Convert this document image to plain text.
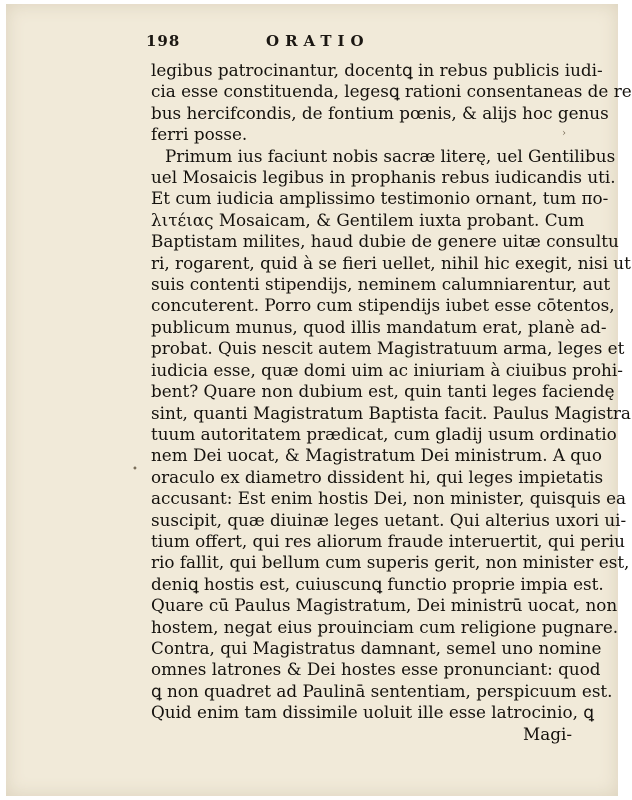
198	ORATIO
›
•
legibus patrocinantur, docentꝗ in rebus publicis iudi-
cia esse constituenda, legesꝗ rationi consentaneas de re
bus hercifcondis, de fontium pœnis, & alijs hoc genus
ferri posse.
Primum ius faciunt nobis sacræ literę, uel Gentilibus
uel Mosaicis legibus in prophanis rebus iudicandis uti.
Et cum iudicia amplissimo testimonio ornant, tum πο-
λιτέιας Mosaicam, & Gentilem iuxta probant. Cum
Baptistam milites, haud dubie de genere uitæ consultu
ri, rogarent, quid à se fieri uellet, nihil hic exegit, nisi ut
suis contenti stipendijs, neminem calumniarentur, aut
concuterent. Porro cum stipendijs iubet esse cōtentos,
publicum munus, quod illis mandatum erat, planè ad-
probat. Quis nescit autem Magistratuum arma, leges et
iudicia esse, quæ domi uim ac iniuriam à ciuibus prohi-
bent? Quare non dubium est, quin tanti leges faciendę
sint, quanti Magistratum Baptista facit. Paulus Magistra
tuum autoritatem prædicat, cum gladij usum ordinatio
nem Dei uocat, & Magistratum Dei ministrum. A quo
oraculo ex diametro dissident hi, qui leges impietatis
accusant: Est enim hostis Dei, non minister, quisquis ea
suscipit, quæ diuinæ leges uetant. Qui alterius uxori ui-
tium offert, qui res aliorum fraude interuertit, qui periu
rio fallit, qui bellum cum superis gerit, non minister est,
deniꝗ hostis est, cuiuscunꝗ functio proprie impia est.
Quare cū Paulus Magistratum, Dei ministrū uocat, non
hostem, negat eius prouinciam cum religione pugnare.
Contra, qui Magistratus damnant, semel uno nomine
omnes latrones & Dei hostes esse pronunciant: quod
ꝗ non quadret ad Paulinā sententiam, perspicuum est.
Quid enim tam dissimile uoluit ille esse latrocinio, ꝗ
Magi-
